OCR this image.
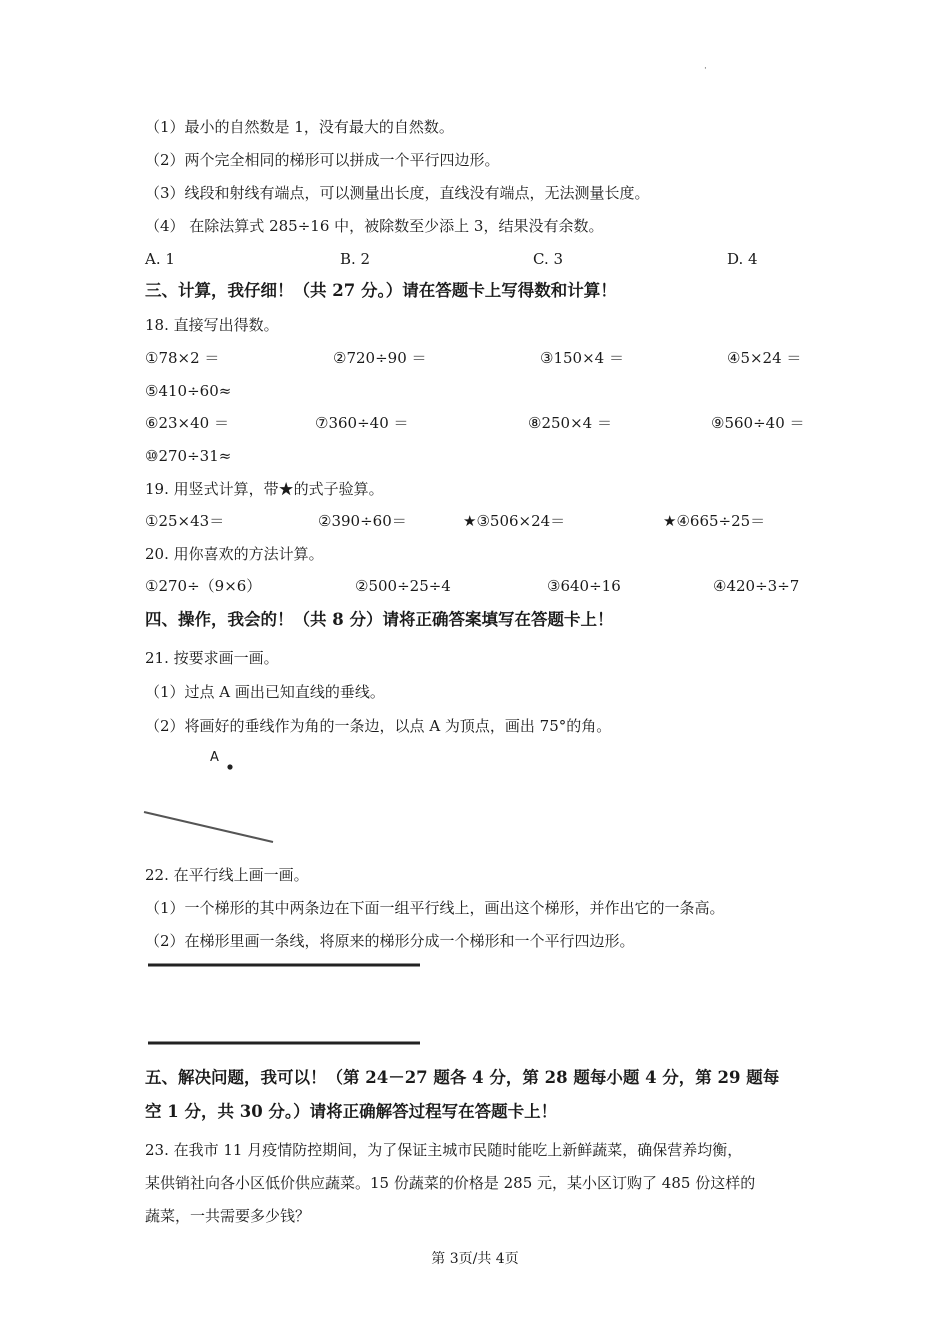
·
（1）最小的自然数是 1，没有最大的自然数。
（2）两个完全相同的梯形可以拼成一个平行四边形。
（3）线段和射线有端点，可以测量出长度，直线没有端点，无法测量长度。
（4） 在除法算式 285÷16 中，被除数至少添上 3，结果没有余数。
A. 1	B. 2	C. 3	D. 4
三、计算，我仔细！（共 27 分。）请在答题卡上写得数和计算！
18. 直接写出得数。
①78×2 ＝	②720÷90 ＝	③150×4 ＝	④5×24 ＝
⑤410÷60≈
⑥23×40 ＝	⑦360÷40 ＝	⑧250×4 ＝	⑨560÷40 ＝
⑩270÷31≈
19. 用竖式计算，带★的式子验算。
①25×43＝	②390÷60＝	★③506×24＝	★④665÷25＝
20. 用你喜欢的方法计算。
①270÷（9×6）	②500÷25÷4	③640÷16	④420÷3÷7
四、操作，我会的！（共 8 分）请将正确答案填写在答题卡上！
21. 按要求画一画。
（1）过点 A 画出已知直线的垂线。
（2）将画好的垂线作为角的一条边，以点 A 为顶点，画出 75°的角。
A
22. 在平行线上画一画。
（1）一个梯形的其中两条边在下面一组平行线上，画出这个梯形，并作出它的一条高。
（2）在梯形里画一条线，将原来的梯形分成一个梯形和一个平行四边形。
五、解决问题，我可以！（第 24－27 题各 4 分，第 28 题每小题 4 分，第 29 题每
空 1 分，共 30 分。）请将正确解答过程写在答题卡上！
23. 在我市 11 月疫情防控期间，为了保证主城市民随时能吃上新鲜蔬菜，确保营养均衡，
某供销社向各小区低价供应蔬菜。15 份蔬菜的价格是 285 元，某小区订购了 485 份这样的
蔬菜，一共需要多少钱？
第 3页/共 4页
